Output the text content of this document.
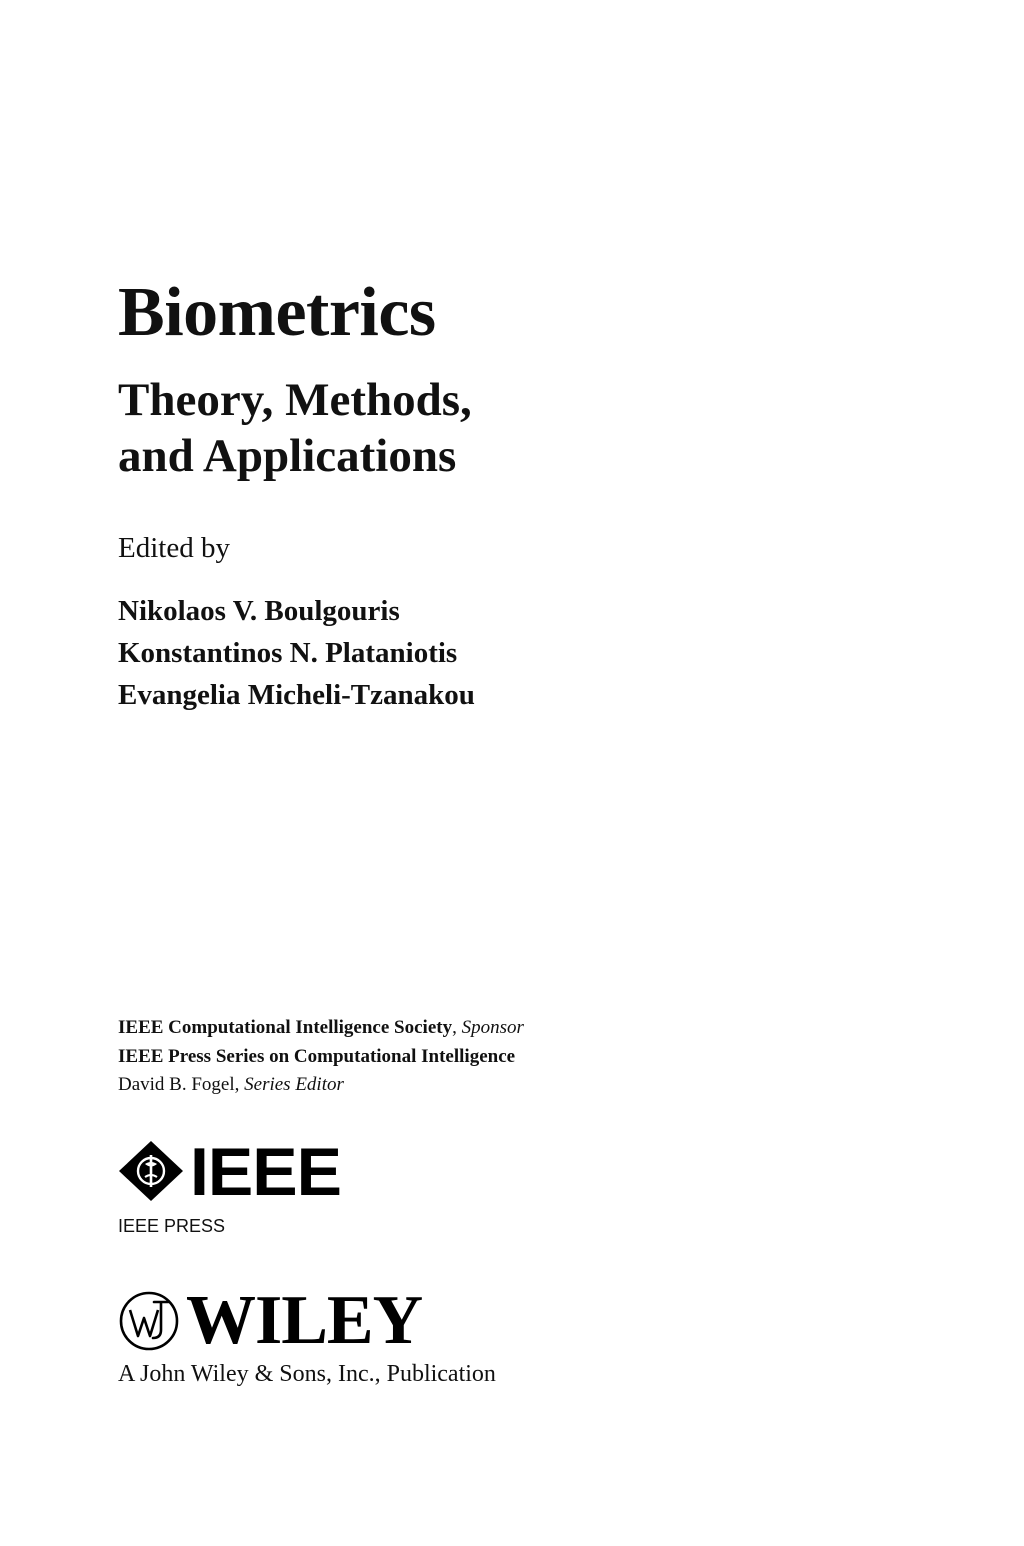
Biometrics
Theory, Methods,
and Applications

Edited by

Nikolaos V. Boulgouris
Konstantinos N. Plataniotis
Evangelia Micheli-Tzanakou

IEEE Computational Intelligence Society, Sponsor
IEEE Press Series on Computational Intelligence
David B. Fogel, Series Editor
IEEE
IEEE PRESS
WILEY
A John Wiley & Sons, Inc., Publication
